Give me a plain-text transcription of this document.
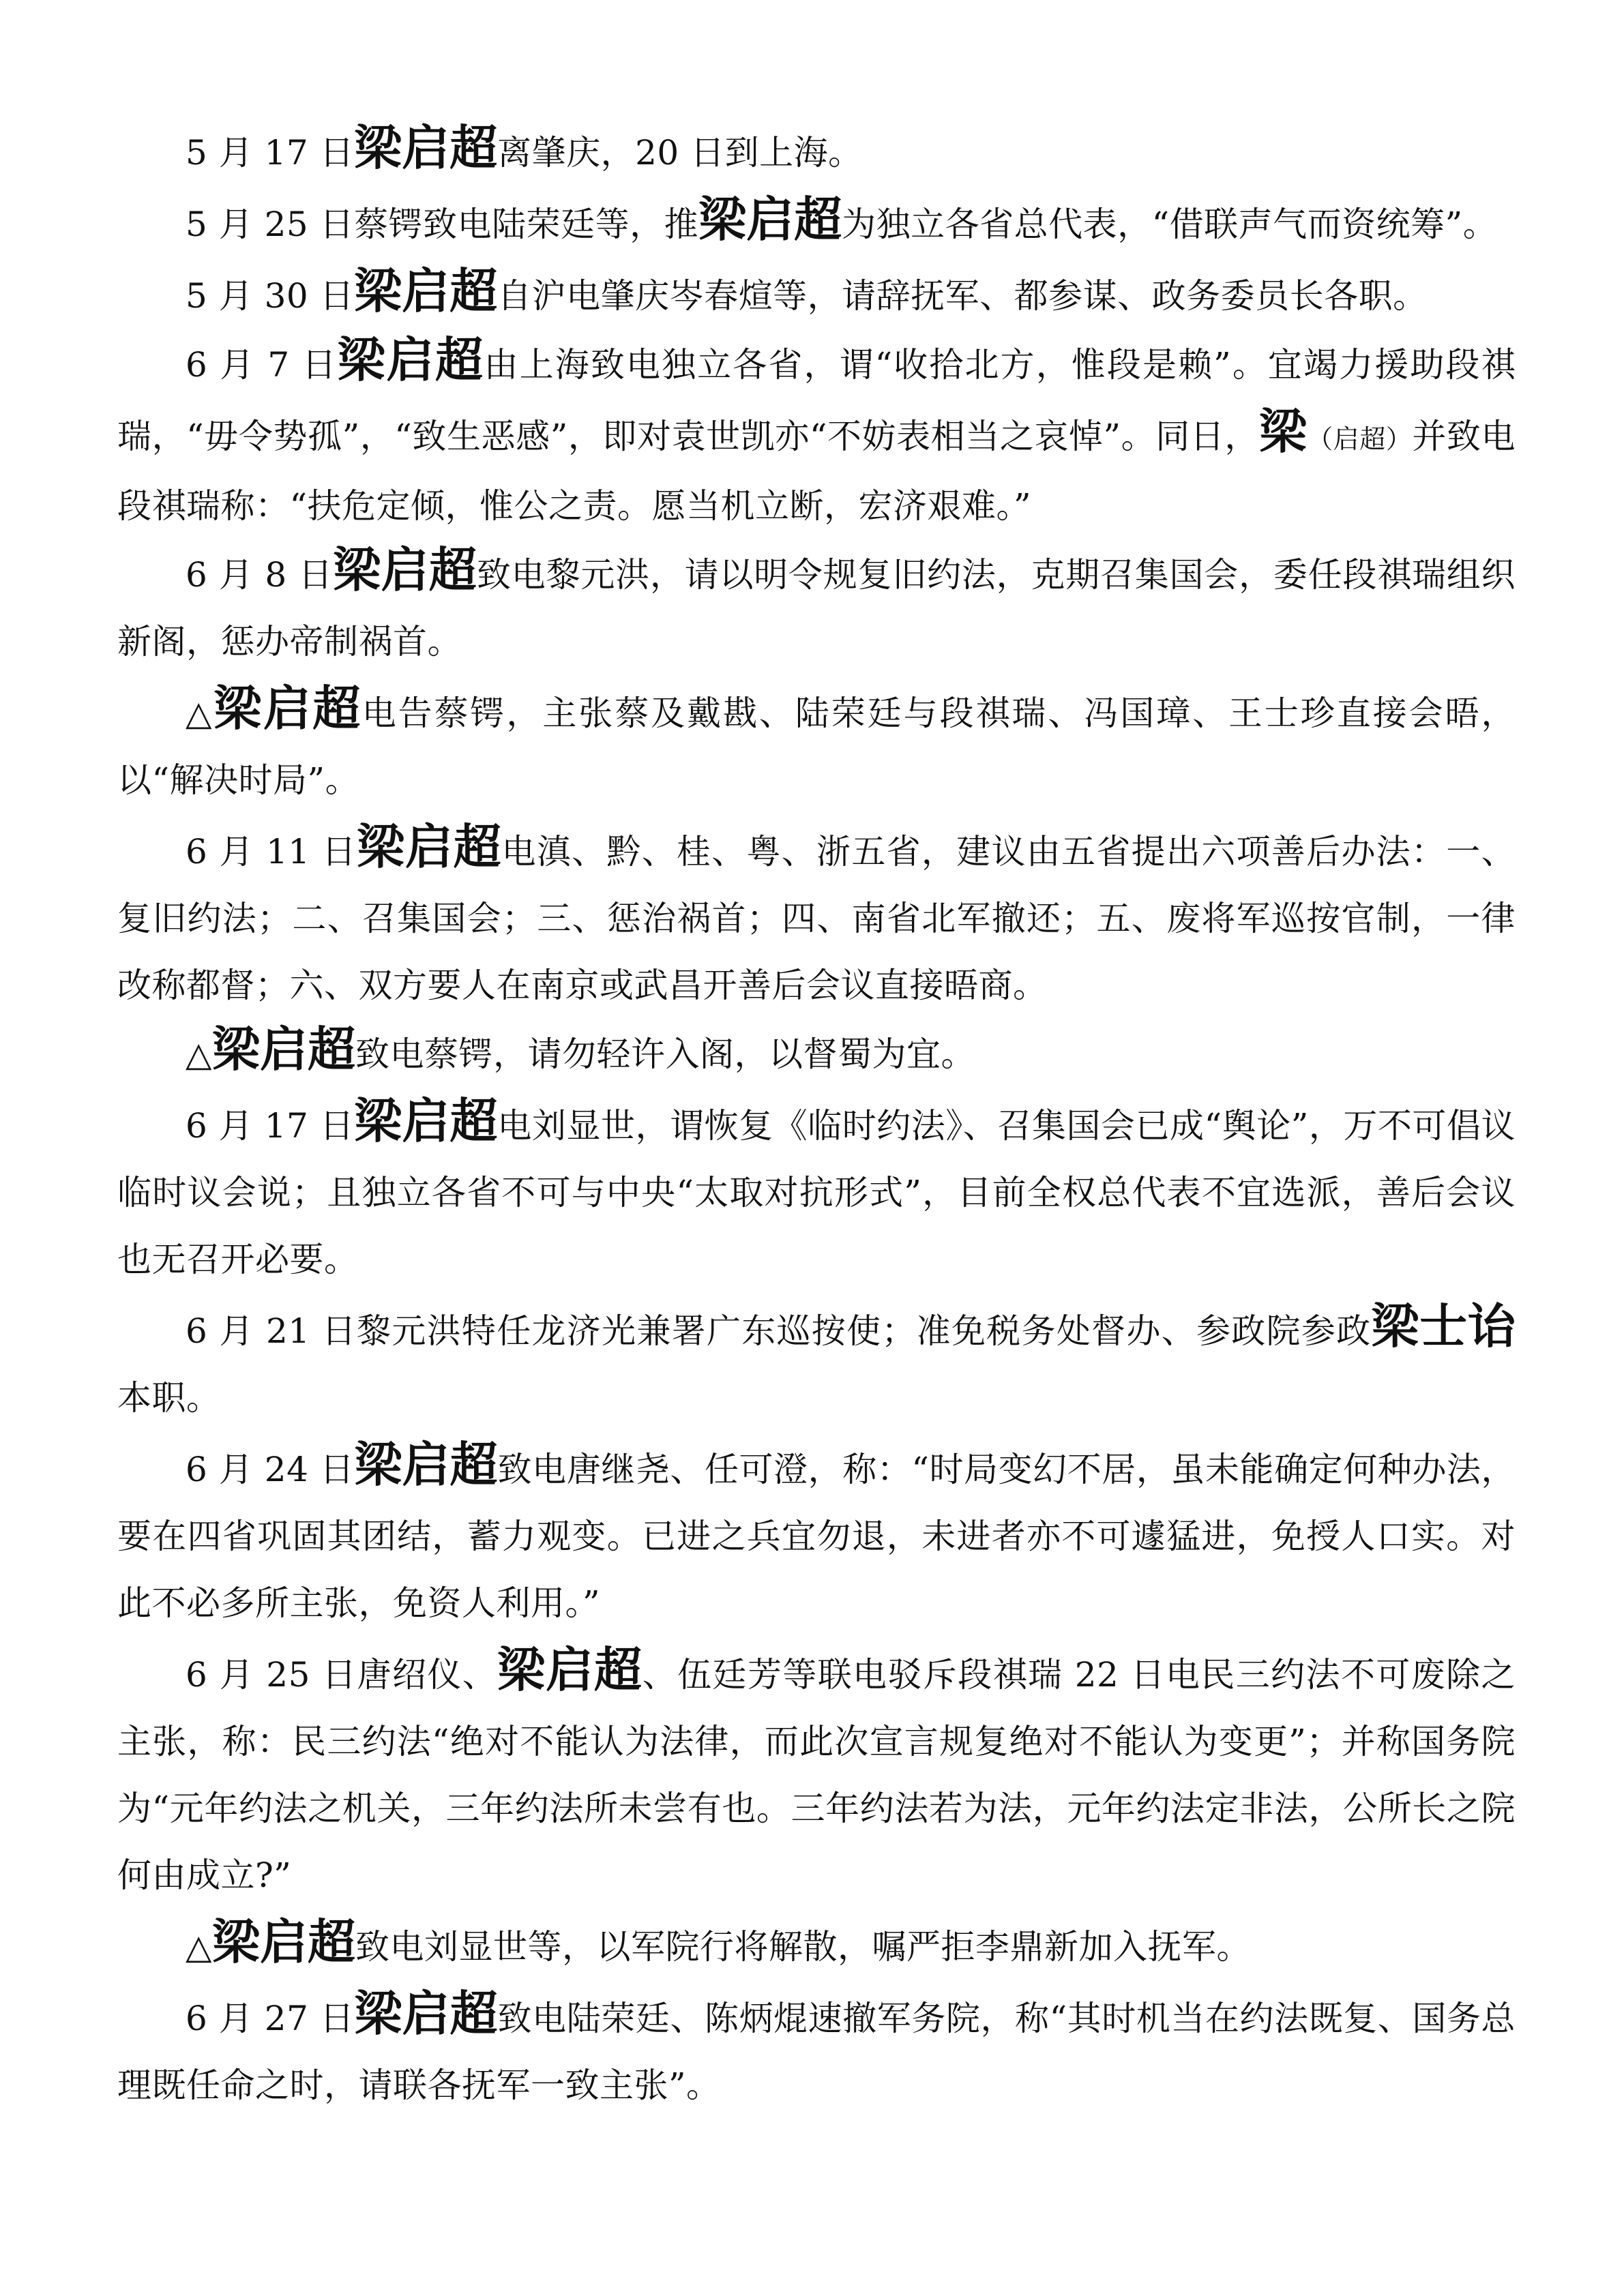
5 月 17 日梁启超离肇庆，20 日到上海。

5 月 25 日蔡锷致电陆荣廷等，推梁启超为独立各省总代表，“借联声气而资统筹”。

5 月 30 日梁启超自沪电肇庆岑春煊等，请辞抚军、都参谋、政务委员长各职。

6 月 7 日梁启超由上海致电独立各省，谓“收拾北方，惟段是赖”。宜竭力援助段祺瑞，“毋令势孤”，“致生恶感”，即对袁世凯亦“不妨表相当之哀悼”。同日，梁（启超）并致电段祺瑞称：“扶危定倾，惟公之责。愿当机立断，宏济艰难。”

6 月 8 日梁启超致电黎元洪，请以明令规复旧约法，克期召集国会，委任段祺瑞组织新阁，惩办帝制祸首。

△梁启超电告蔡锷，主张蔡及戴戡、陆荣廷与段祺瑞、冯国璋、王士珍直接会晤，以“解决时局”。

6 月 11 日梁启超电滇、黔、桂、粤、浙五省，建议由五省提出六项善后办法：一、复旧约法；二、召集国会；三、惩治祸首；四、南省北军撤还；五、废将军巡按官制，一律改称都督；六、双方要人在南京或武昌开善后会议直接晤商。

△梁启超致电蔡锷，请勿轻许入阁，以督蜀为宜。

6 月 17 日梁启超电刘显世，谓恢复《临时约法》、召集国会已成“舆论”，万不可倡议临时议会说；且独立各省不可与中央“太取对抗形式”，目前全权总代表不宜选派，善后会议也无召开必要。

6 月 21 日黎元洪特任龙济光兼署广东巡按使；准免税务处督办、参政院参政梁士诒本职。

6 月 24 日梁启超致电唐继尧、任可澄，称：“时局变幻不居，虽未能确定何种办法，要在四省巩固其团结，蓄力观变。已进之兵宜勿退，未进者亦不可遽猛进，免授人口实。对此不必多所主张，免资人利用。”

6 月 25 日唐绍仪、梁启超、伍廷芳等联电驳斥段祺瑞 22 日电民三约法不可废除之主张，称：民三约法“绝对不能认为法律，而此次宣言规复绝对不能认为变更”；并称国务院为“元年约法之机关，三年约法所未尝有也。三年约法若为法，元年约法定非法，公所长之院何由成立?”

△梁启超致电刘显世等，以军院行将解散，嘱严拒李鼎新加入抚军。

6 月 27 日梁启超致电陆荣廷、陈炳焜速撤军务院，称“其时机当在约法既复、国务总理既任命之时，请联各抚军一致主张”。
